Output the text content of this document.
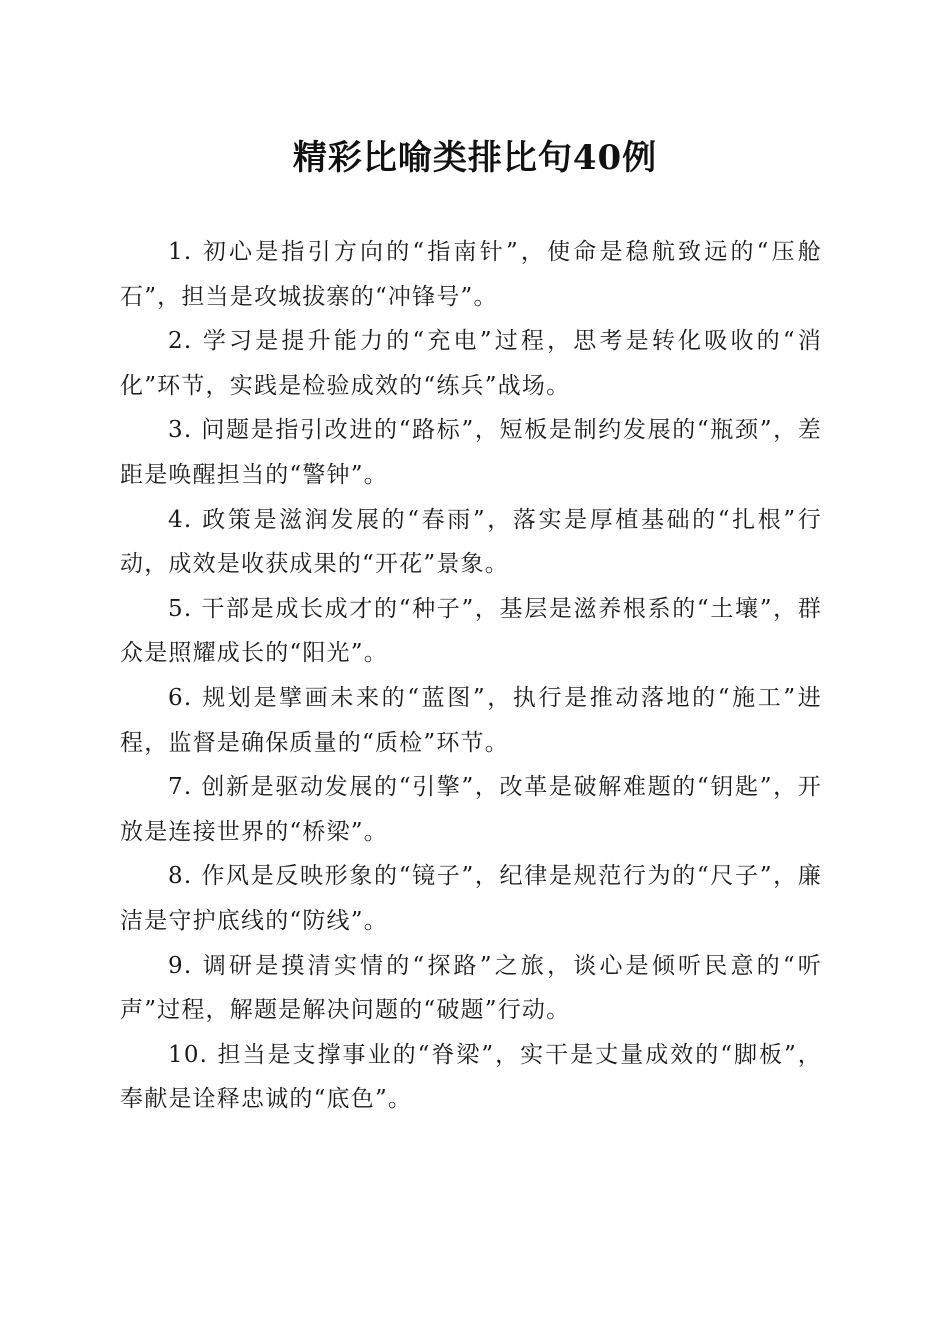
精彩比喻类排比句40例

1. 初心是指引方向的“指南针”，使命是稳航致远的“压舱石”，担当是攻城拔寨的“冲锋号”。

2. 学习是提升能力的“充电”过程，思考是转化吸收的“消化”环节，实践是检验成效的“练兵”战场。

3. 问题是指引改进的“路标”，短板是制约发展的“瓶颈”，差距是唤醒担当的“警钟”。

4. 政策是滋润发展的“春雨”，落实是厚植基础的“扎根”行动，成效是收获成果的“开花”景象。

5. 干部是成长成才的“种子”，基层是滋养根系的“土壤”，群众是照耀成长的“阳光”。

6. 规划是擘画未来的“蓝图”，执行是推动落地的“施工”进程，监督是确保质量的“质检”环节。

7. 创新是驱动发展的“引擎”，改革是破解难题的“钥匙”，开放是连接世界的“桥梁”。

8. 作风是反映形象的“镜子”，纪律是规范行为的“尺子”，廉洁是守护底线的“防线”。

9. 调研是摸清实情的“探路”之旅，谈心是倾听民意的“听声”过程，解题是解决问题的“破题”行动。

10. 担当是支撑事业的“脊梁”，实干是丈量成效的“脚板”，奉献是诠释忠诚的“底色”。
